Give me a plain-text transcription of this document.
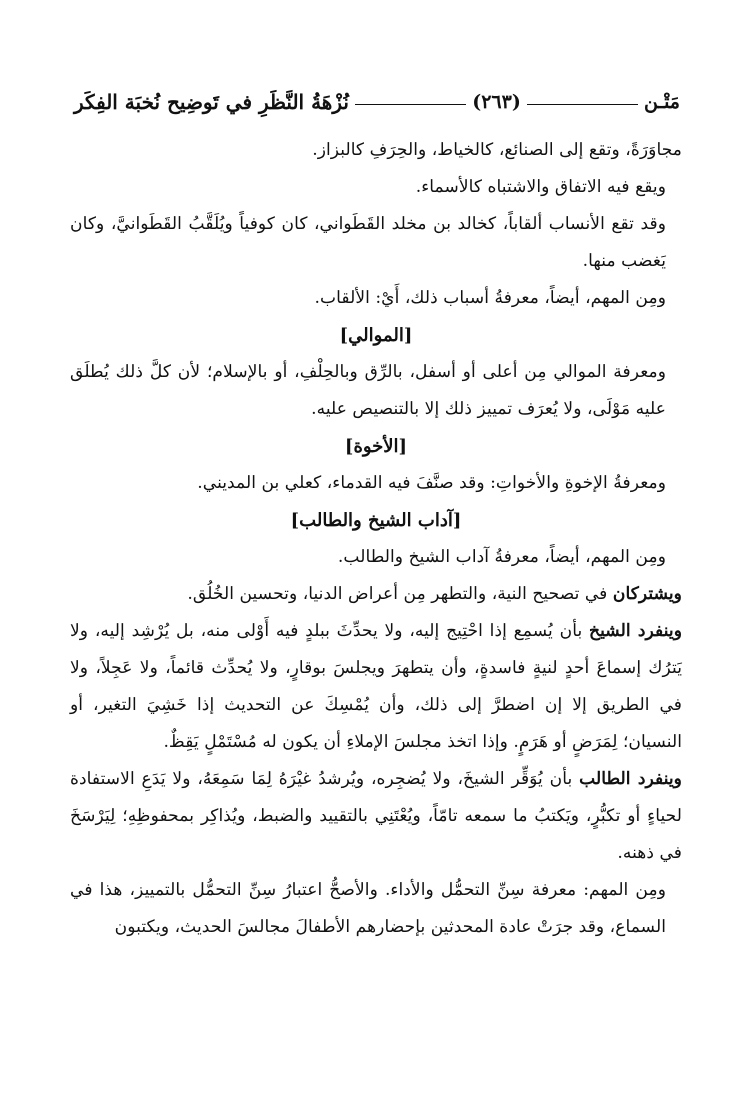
مَتْـن
(٢٦٣)
نُزْهَةُ النَّظَرِ في تَوضِيح نُخبَة الفِكَر

مجاوَرَةً، وتقع إلى الصنائع، كالخياط، والحِرَفِ كالبزاز.

ويقع فيه الاتفاق والاشتباه كالأسماء.

وقد تقع الأنساب ألقاباً، كخالد بن مخلد القَطَواني، كان كوفياً ويُلَقَّبُ القَطَوانيَّ، وكان يَغضب منها.

ومِن المهم، أيضاً، معرفةُ أسباب ذلك، أَيْ: الألقاب.

[الموالي]

ومعرفة الموالي مِن أعلى أو أسفل، بالرِّق وبالحِلْفِ، أو بالإسلام؛ لأن كلَّ ذلك يُطلَق عليه مَوْلَى، ولا يُعرَف تمييز ذلك إلا بالتنصيص عليه.

[الأخوة]

ومعرفةُ الإخوةِ والأخواتِ: وقد صنَّفَ فيه القدماء، كعلي بن المديني.

[آداب الشيخ والطالب]

ومِن المهم، أيضاً، معرفةُ آداب الشيخ والطالب.

ويشتركان في تصحيح النية، والتطهر مِن أعراض الدنيا، وتحسين الخُلُق.

وينفرد الشيخ بأن يُسمِع إذا احْتِيج إليه، ولا يحدِّثَ ببلدٍ فيه أَوْلى منه، بل يُرْشِد إليه، ولا يَترُك إسماعَ أحدٍ لنيةٍ فاسدةٍ، وأن يتطهرَ ويجلسَ بوقارٍ، ولا يُحدِّث قائماً، ولا عَجِلاً، ولا في الطريق إلا إن اضطرَّ إلى ذلك، وأن يُمْسِكَ عن التحديث إذا خَشِيَ التغير، أو النسيان؛ لِمَرَضٍ أو هَرَمٍ. وإذا اتخذ مجلسَ الإملاءِ أن يكون له مُسْتَمْلٍ يَقِظٌ.

وينفرد الطالب بأن يُوَقِّر الشيخَ، ولا يُضجِره، ويُرشدُ غيْرَهُ لِمَا سَمِعَهُ، ولا يَدَعِ الاستفادة لحياءٍ أو تكبُّرٍ، ويَكتبُ ما سمعه تامّاً، ويُعْتَنِي بالتقييد والضبط، ويُذاكِر بمحفوظِهِ؛ لِيَرْسَخَ في ذهنه.

ومِن المهم: معرفة سِنِّ التحمُّل والأداء. والأصحُّ اعتبارُ سِنِّ التحمُّل بالتمييز، هذا في السماع، وقد جرَتْ عادة المحدثين بإحضارهم الأطفالَ مجالسَ الحديث، ويكتبون
